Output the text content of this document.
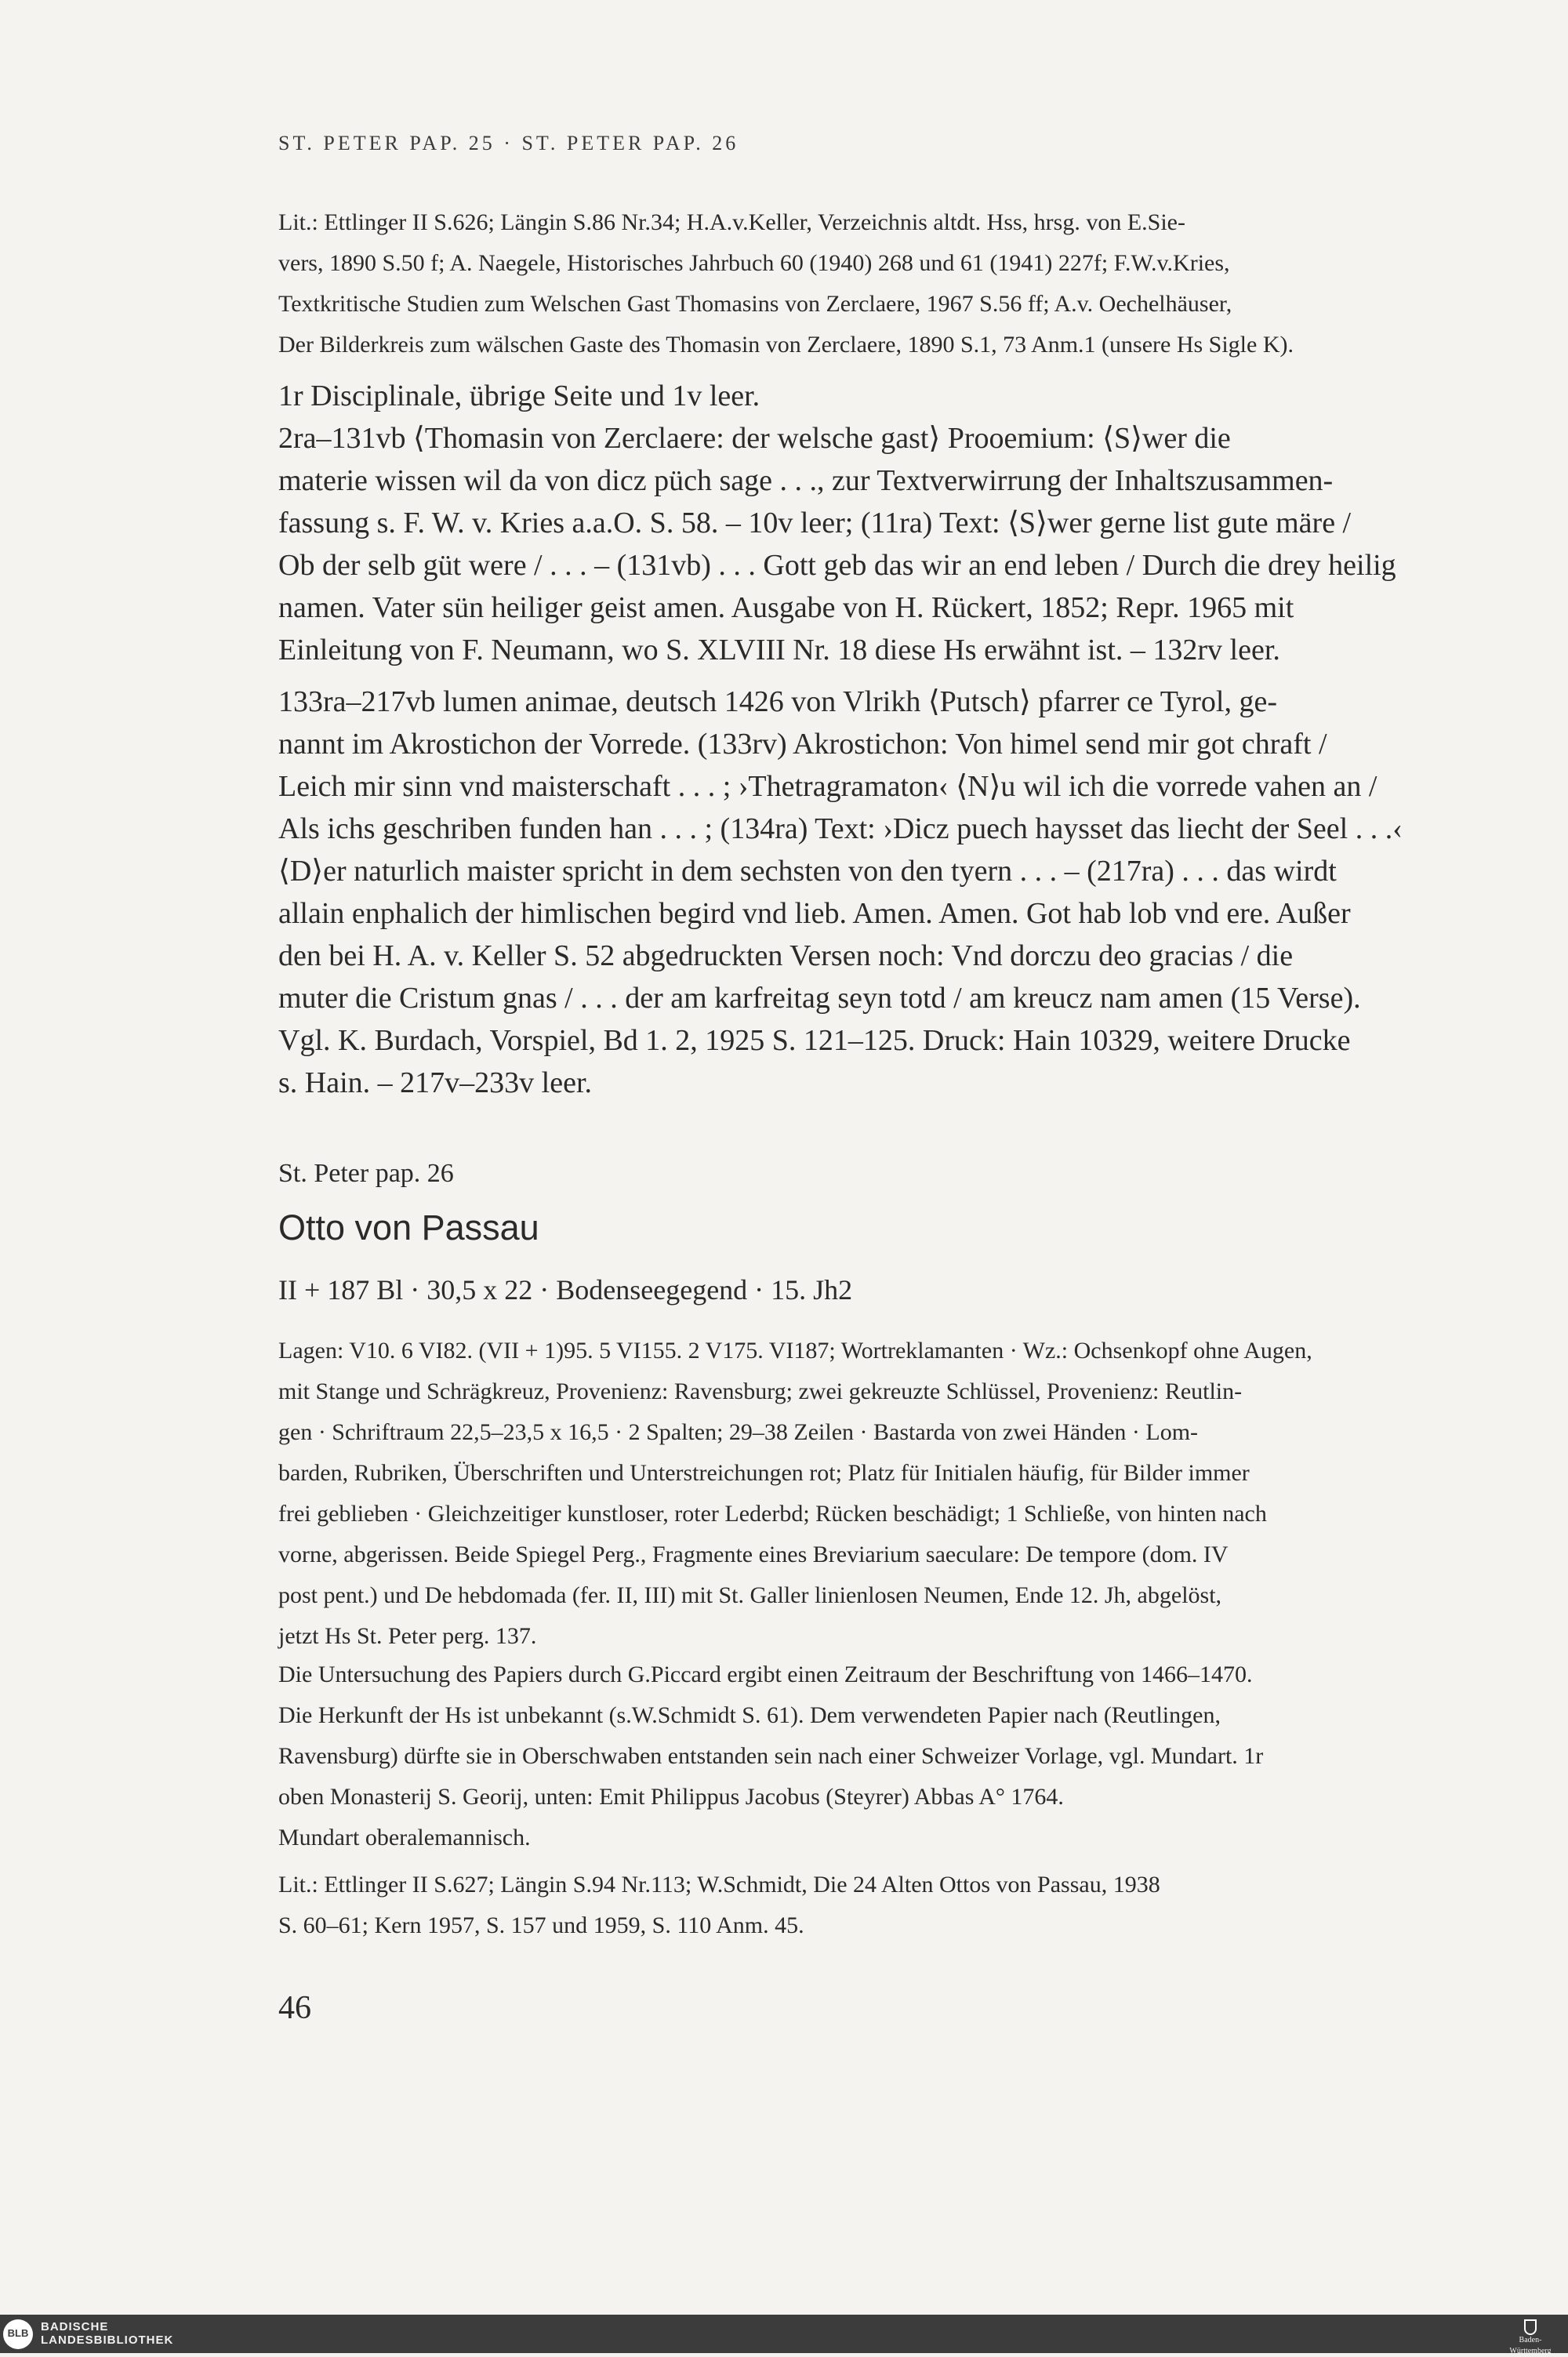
ST. PETER PAP. 25 · ST. PETER PAP. 26

Lit.: Ettlinger II S.626; Längin S.86 Nr.34; H.A.v.Keller, Verzeichnis altdt. Hss, hrsg. von E.Sie-

vers, 1890 S.50 f; A. Naegele, Historisches Jahrbuch 60 (1940) 268 und 61 (1941) 227f; F.W.v.Kries,

Textkritische Studien zum Welschen Gast Thomasins von Zerclaere, 1967 S.56 ff; A.v. Oechelhäuser,

Der Bilderkreis zum wälschen Gaste des Thomasin von Zerclaere, 1890 S.1, 73 Anm.1 (unsere Hs Sigle K).

1r Disciplinale, übrige Seite und 1v leer.

2ra–131vb ⟨Thomasin von Zerclaere: der welsche gast⟩ Prooemium: ⟨S⟩wer die

materie wissen wil da von dicz püch sage . . ., zur Textverwirrung der Inhaltszusammen-

fassung s. F. W. v. Kries a.a.O. S. 58. – 10v leer; (11ra) Text: ⟨S⟩wer gerne list gute märe /

Ob der selb güt were / . . . – (131vb) . . . Gott geb das wir an end leben / Durch die drey heilig

namen. Vater sün heiliger geist amen. Ausgabe von H. Rückert, 1852; Repr. 1965 mit

Einleitung von F. Neumann, wo S. XLVIII Nr. 18 diese Hs erwähnt ist. – 132rv leer.

133ra–217vb lumen animae, deutsch 1426 von Vlrikh ⟨Putsch⟩ pfarrer ce Tyrol, ge-

nannt im Akrostichon der Vorrede. (133rv) Akrostichon: Von himel send mir got chraft /

Leich mir sinn vnd maisterschaft . . . ; ›Thetragramaton‹ ⟨N⟩u wil ich die vorrede vahen an /

Als ichs geschriben funden han . . . ; (134ra) Text: ›Dicz puech haysset das liecht der Seel . . .‹

⟨D⟩er naturlich maister spricht in dem sechsten von den tyern . . . – (217ra) . . . das wirdt

allain enphalich der himlischen begird vnd lieb. Amen. Amen. Got hab lob vnd ere. Außer

den bei H. A. v. Keller S. 52 abgedruckten Versen noch: Vnd dorczu deo gracias / die

muter die Cristum gnas / . . . der am karfreitag seyn totd / am kreucz nam amen (15 Verse).

Vgl. K. Burdach, Vorspiel, Bd 1. 2, 1925 S. 121–125. Druck: Hain 10329, weitere Drucke

s. Hain. – 217v–233v leer.

St. Peter pap. 26
Otto von Passau
II + 187 Bl · 30,5 x 22 · Bodenseegegend · 15. Jh2

Lagen: V10. 6 VI82. (VII + 1)95. 5 VI155. 2 V175. VI187; Wortreklamanten · Wz.: Ochsenkopf ohne Augen,

mit Stange und Schrägkreuz, Provenienz: Ravensburg; zwei gekreuzte Schlüssel, Provenienz: Reutlin-

gen · Schriftraum 22,5–23,5 x 16,5 · 2 Spalten; 29–38 Zeilen · Bastarda von zwei Händen · Lom-

barden, Rubriken, Überschriften und Unterstreichungen rot; Platz für Initialen häufig, für Bilder immer

frei geblieben · Gleichzeitiger kunstloser, roter Lederbd; Rücken beschädigt; 1 Schließe, von hinten nach

vorne, abgerissen. Beide Spiegel Perg., Fragmente eines Breviarium saeculare: De tempore (dom. IV

post pent.) und De hebdomada (fer. II, III) mit St. Galler linienlosen Neumen, Ende 12. Jh, abgelöst,

jetzt Hs St. Peter perg. 137.

Die Untersuchung des Papiers durch G.Piccard ergibt einen Zeitraum der Beschriftung von 1466–1470.

Die Herkunft der Hs ist unbekannt (s.W.Schmidt S. 61). Dem verwendeten Papier nach (Reutlingen,

Ravensburg) dürfte sie in Oberschwaben entstanden sein nach einer Schweizer Vorlage, vgl. Mundart. 1r

oben Monasterij S. Georij, unten: Emit Philippus Jacobus (Steyrer) Abbas A° 1764.

Mundart oberalemannisch.

Lit.: Ettlinger II S.627; Längin S.94 Nr.113; W.Schmidt, Die 24 Alten Ottos von Passau, 1938

S. 60–61; Kern 1957, S. 157 und 1959, S. 110 Anm. 45.

46
BLB	BADISCHE
LANDESBIBLIOTHEK	Baden-Württemberg
